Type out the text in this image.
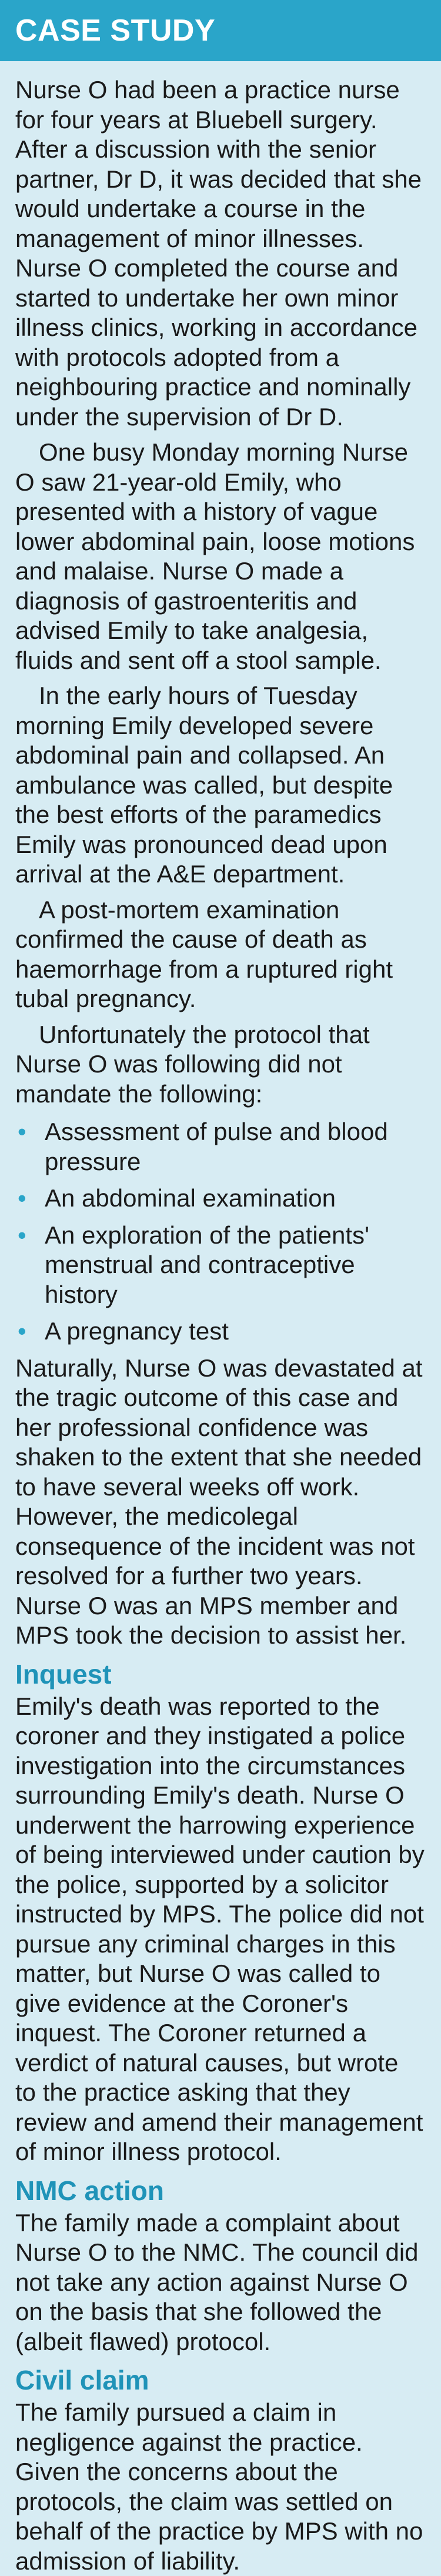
CASE STUDY

Nurse O had been a practice nurse for four years at Bluebell surgery. After a discussion with the senior partner, Dr D, it was decided that she would undertake a course in the management of minor illnesses. Nurse O completed the course and started to undertake her own minor illness clinics, working in accordance with protocols adopted from a neighbouring practice and nominally under the supervision of Dr D.

One busy Monday morning Nurse O saw 21-year-old Emily, who presented with a history of vague lower abdominal pain, loose motions and malaise. Nurse O made a diagnosis of gastroenteritis and advised Emily to take analgesia, fluids and sent off a stool sample.

In the early hours of Tuesday morning Emily developed severe abdominal pain and collapsed. An ambulance was called, but despite the best efforts of the paramedics Emily was pronounced dead upon arrival at the A&E department.

A post-mortem examination confirmed the cause of death as haemorrhage from a ruptured right tubal pregnancy.

Unfortunately the protocol that Nurse O was following did not mandate the following:

• Assessment of pulse and blood pressure
• An abdominal examination
• An exploration of the patients' menstrual and contraceptive history
• A pregnancy test

Naturally, Nurse O was devastated at the tragic outcome of this case and her professional confidence was shaken to the extent that she needed to have several weeks off work. However, the medicolegal consequence of the incident was not resolved for a further two years. Nurse O was an MPS member and MPS took the decision to assist her.

Inquest

Emily's death was reported to the coroner and they instigated a police investigation into the circumstances surrounding Emily's death. Nurse O underwent the harrowing experience of being interviewed under caution by the police, supported by a solicitor instructed by MPS. The police did not pursue any criminal charges in this matter, but Nurse O was called to give evidence at the Coroner's inquest. The Coroner returned a verdict of natural causes, but wrote to the practice asking that they review and amend their management of minor illness protocol.

NMC action

The family made a complaint about Nurse O to the NMC. The council did not take any action against Nurse O on the basis that she followed the (albeit flawed) protocol.

Civil claim

The family pursued a claim in negligence against the practice. Given the concerns about the protocols, the claim was settled on behalf of the practice by MPS with no admission of liability.
